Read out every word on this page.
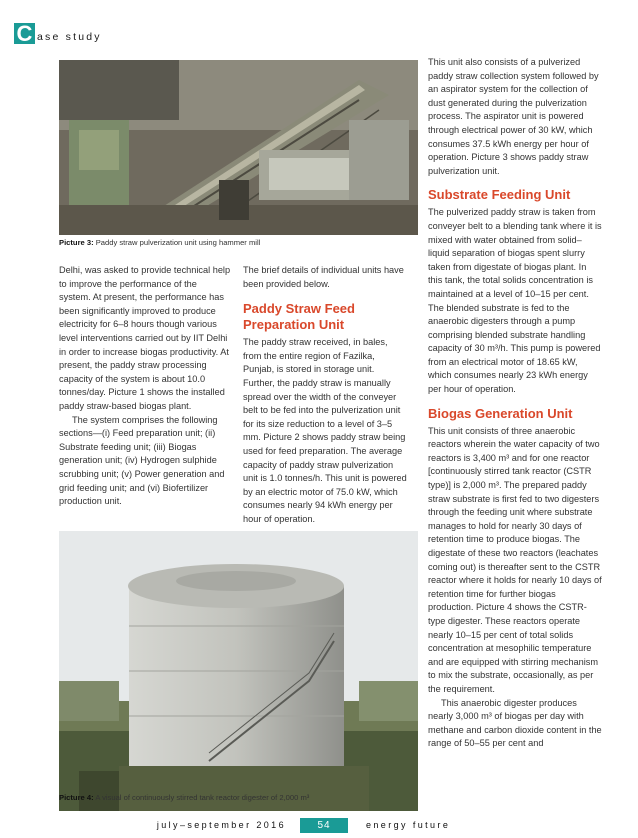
C ase study
Picture 3: Paddy straw pulverization unit using hammer mill

Delhi, was asked to provide technical help to improve the performance of the system. At present, the performance has been significantly improved to produce electricity for 6–8 hours though various level interventions carried out by IIT Delhi in order to increase biogas productivity. At present, the paddy straw processing capacity of the system is about 10.0 tonnes/day. Picture 1 shows the installed paddy straw-based biogas plant.

The system comprises the following sections—(i) Feed preparation unit; (ii) Substrate feeding unit; (iii) Biogas generation unit; (iv) Hydrogen sulphide scrubbing unit; (v) Power generation and grid feeding unit; and (vi) Biofertilizer production unit.

The brief details of individual units have been provided below.

Paddy Straw Feed Preparation Unit

The paddy straw received, in bales, from the entire region of Fazilka, Punjab, is stored in storage unit. Further, the paddy straw is manually spread over the width of the conveyer belt to be fed into the pulverization unit for its size reduction to a level of 3–5 mm. Picture 2 shows paddy straw being used for feed preparation. The average capacity of paddy straw pulverization unit is 1.0 tonnes/h. This unit is powered by an electric motor of 75.0 kW, which consumes nearly 94 kWh energy per hour of operation.

This unit also consists of a pulverized paddy straw collection system followed by an aspirator system for the collection of dust generated during the pulverization process. The aspirator unit is powered through electrical power of 30 kW, which consumes 37.5 kWh energy per hour of operation. Picture 3 shows paddy straw pulverization unit.

Substrate Feeding Unit

The pulverized paddy straw is taken from conveyer belt to a blending tank where it is mixed with water obtained from solid–liquid separation of biogas spent slurry taken from digestate of biogas plant. In this tank, the total solids concentration is maintained at a level of 10–15 per cent. The blended substrate is fed to the anaerobic digesters through a pump comprising blended substrate handling capacity of 30 m³/h. This pump is powered from an electrical motor of 18.65 kW, which consumes nearly 23 kWh energy per hour of operation.

Biogas Generation Unit

This unit consists of three anaerobic reactors wherein the water capacity of two reactors is 3,400 m³ and for one reactor [continuously stirred tank reactor (CSTR type)] is 2,000 m³. The prepared paddy straw substrate is first fed to two digesters through the feeding unit where substrate manages to hold for nearly 30 days of retention time to produce biogas. The digestate of these two reactors (leachates coming out) is thereafter sent to the CSTR reactor where it holds for nearly 10 days of retention time for further biogas production. Picture 4 shows the CSTR-type digester. These reactors operate nearly 10–15 per cent of total solids concentration at mesophilic temperature and are equipped with stirring mechanism to mix the substrate, occasionally, as per the requirement.

This anaerobic digester produces nearly 3,000 m³ of biogas per day with methane and carbon dioxide content in the range of 50–55 per cent and

Picture 4: A visual of continuously stirred tank reactor digester of 2,000 m³
july–september 2016	54	energy future
